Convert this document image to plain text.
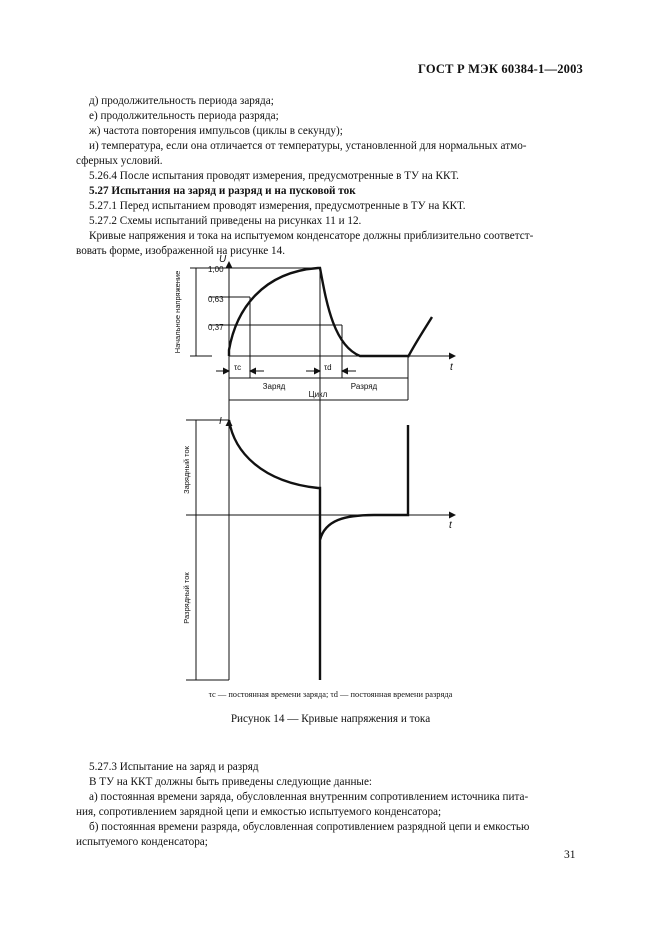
ГОСТ Р МЭК 60384-1—2003

д) продолжительность периода заряда;

е) продолжительность периода разряда;

ж) частота повторения импульсов (циклы в секунду);

и) температура, если она отличается от температуры, установленной для нормальных атмо-

сферных условий.

5.26.4 После испытания проводят измерения, предусмотренные в ТУ на ККТ.

5.27 Испытания на заряд и разряд и на пусковой ток

5.27.1 Перед испытанием проводят измерения, предусмотренные в ТУ на ККТ.

5.27.2 Схемы испытаний приведены на рисунках 11 и 12.

Кривые напряжения и тока на испытуемом конденсаторе должны приблизительно соответст-

вовать форме, изображенной на рисунке 14.

U
t
I
t
1,00
0,63
0,37
τc	τd
Заряд	Разряд
Цикл
Начальное напряжение
Зарядный ток
Разрядный ток
τc — постоянная времени заряда; τd — постоянная времени разряда
Рисунок 14 — Кривые напряжения и тока

5.27.3 Испытание на заряд и разряд

В ТУ на ККТ должны быть приведены следующие данные:

а) постоянная времени заряда, обусловленная внутренним сопротивлением источника пита-

ния, сопротивлением зарядной цепи и емкостью испытуемого конденсатора;

б) постоянная времени разряда, обусловленная сопротивлением разрядной цепи и емкостью

испытуемого конденсатора;

31
